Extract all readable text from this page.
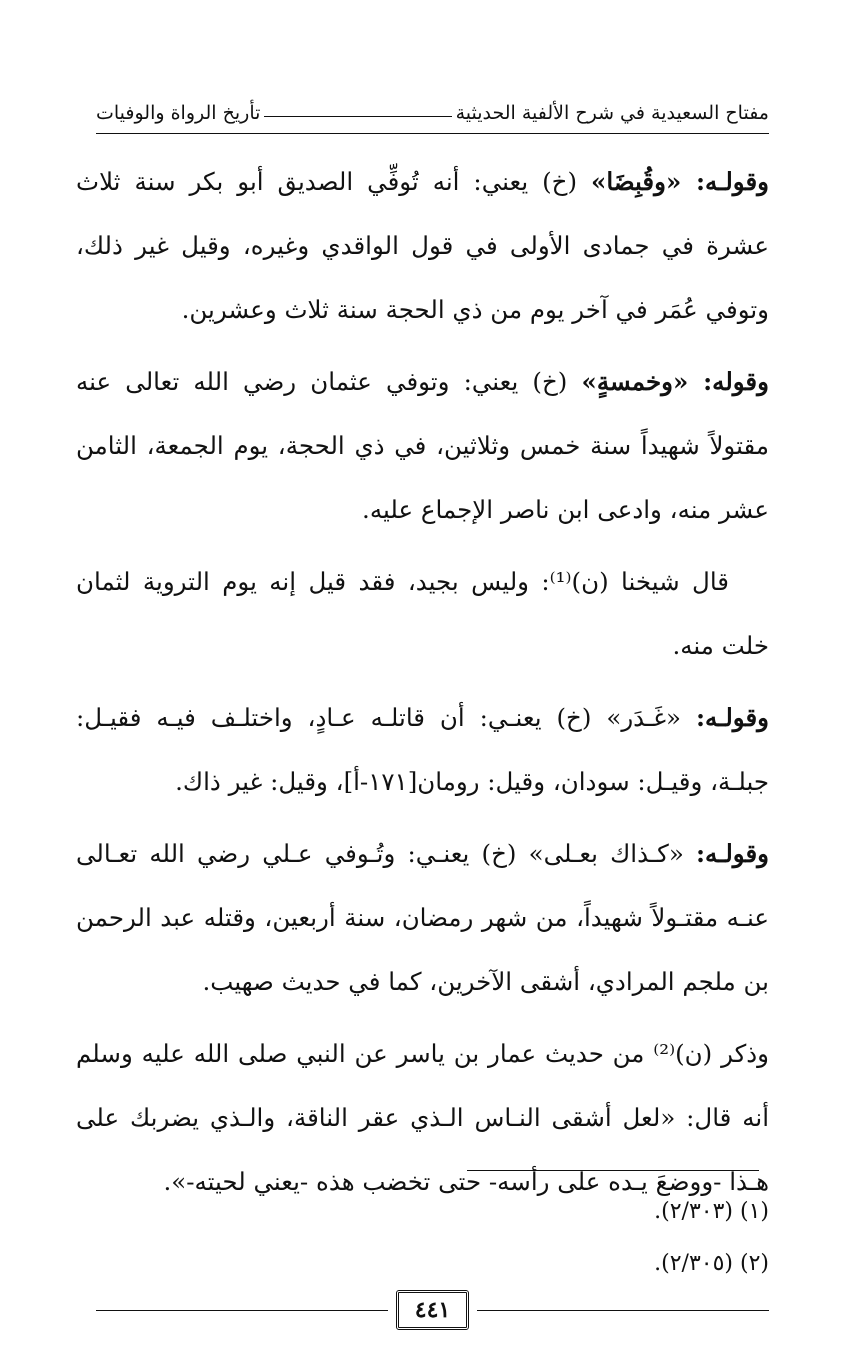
مفتاح السعيدية في شرح الألفية الحديثية
تأريخ الرواة والوفيات

وقولـه: «وقُبِضَا» (خ) يعني: أنه تُوفِّي الصديق أبو بكر سنة ثلاث عشرة في جمادى الأولى في قول الواقدي وغيره، وقيل غير ذلك، وتوفي عُمَر في آخر يوم من ذي الحجة سنة ثلاث وعشرين.

وقوله: «وخمسةٍ» (خ) يعني: وتوفي عثمان رضي الله تعالى عنه مقتولاً شهيداً سنة خمس وثلاثين، في ذي الحجة، يوم الجمعة، الثامن عشر منه، وادعى ابن ناصر الإجماع عليه.

قال شيخنا (ن)⁽¹⁾: وليس بجيد، فقد قيل إنه يوم التروية لثمان خلت منه.

وقولـه: «غَـدَر» (خ) يعنـي: أن قاتلـه عـادٍ، واختلـف فيـه فقيـل: جبلـة، وقيـل: سودان، وقيل: رومان[١٧١-أ]، وقيل: غير ذاك.

وقولـه: «كـذاك بعـلى» (خ) يعنـي: وتُـوفي عـلي رضي الله تعـالى عنـه مقتـولاً شهيداً، من شهر رمضان، سنة أربعين، وقتله عبد الرحمن بن ملجم المرادي، أشقى الآخرين، كما في حديث صهيب.

وذكر (ن)⁽²⁾ من حديث عمار بن ياسر عن النبي صلى الله عليه وسلم أنه قال: «لعل أشقى النـاس الـذي عقر الناقة، والـذي يضربك على هـذا -ووضعَ يـده على رأسه- حتى تخضب هذه -يعني لحيته-».

(١) (٢/٣٠٣).
(٢) (٢/٣٠٥).
٤٤١
